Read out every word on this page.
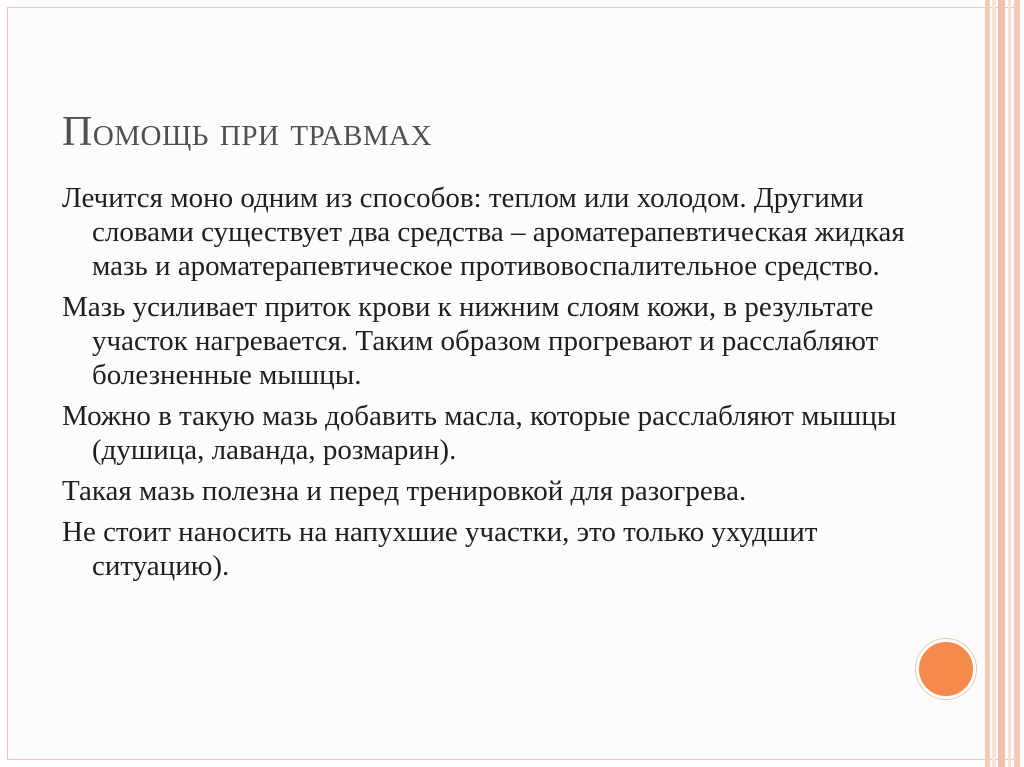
Помощь при травмах

Лечится моно одним из способов: теплом или холодом. Другими словами существует два средства – ароматерапевтическая жидкая мазь и ароматерапевтическое противовоспалительное средство.

Мазь усиливает приток крови к нижним слоям кожи, в результате участок нагревается. Таким образом прогревают и расслабляют болезненные мышцы.

Можно в такую мазь добавить масла, которые расслабляют мышцы (душица, лаванда, розмарин).

Такая мазь полезна и перед тренировкой для разогрева.

Не стоит наносить на напухшие участки, это только ухудшит ситуацию).
